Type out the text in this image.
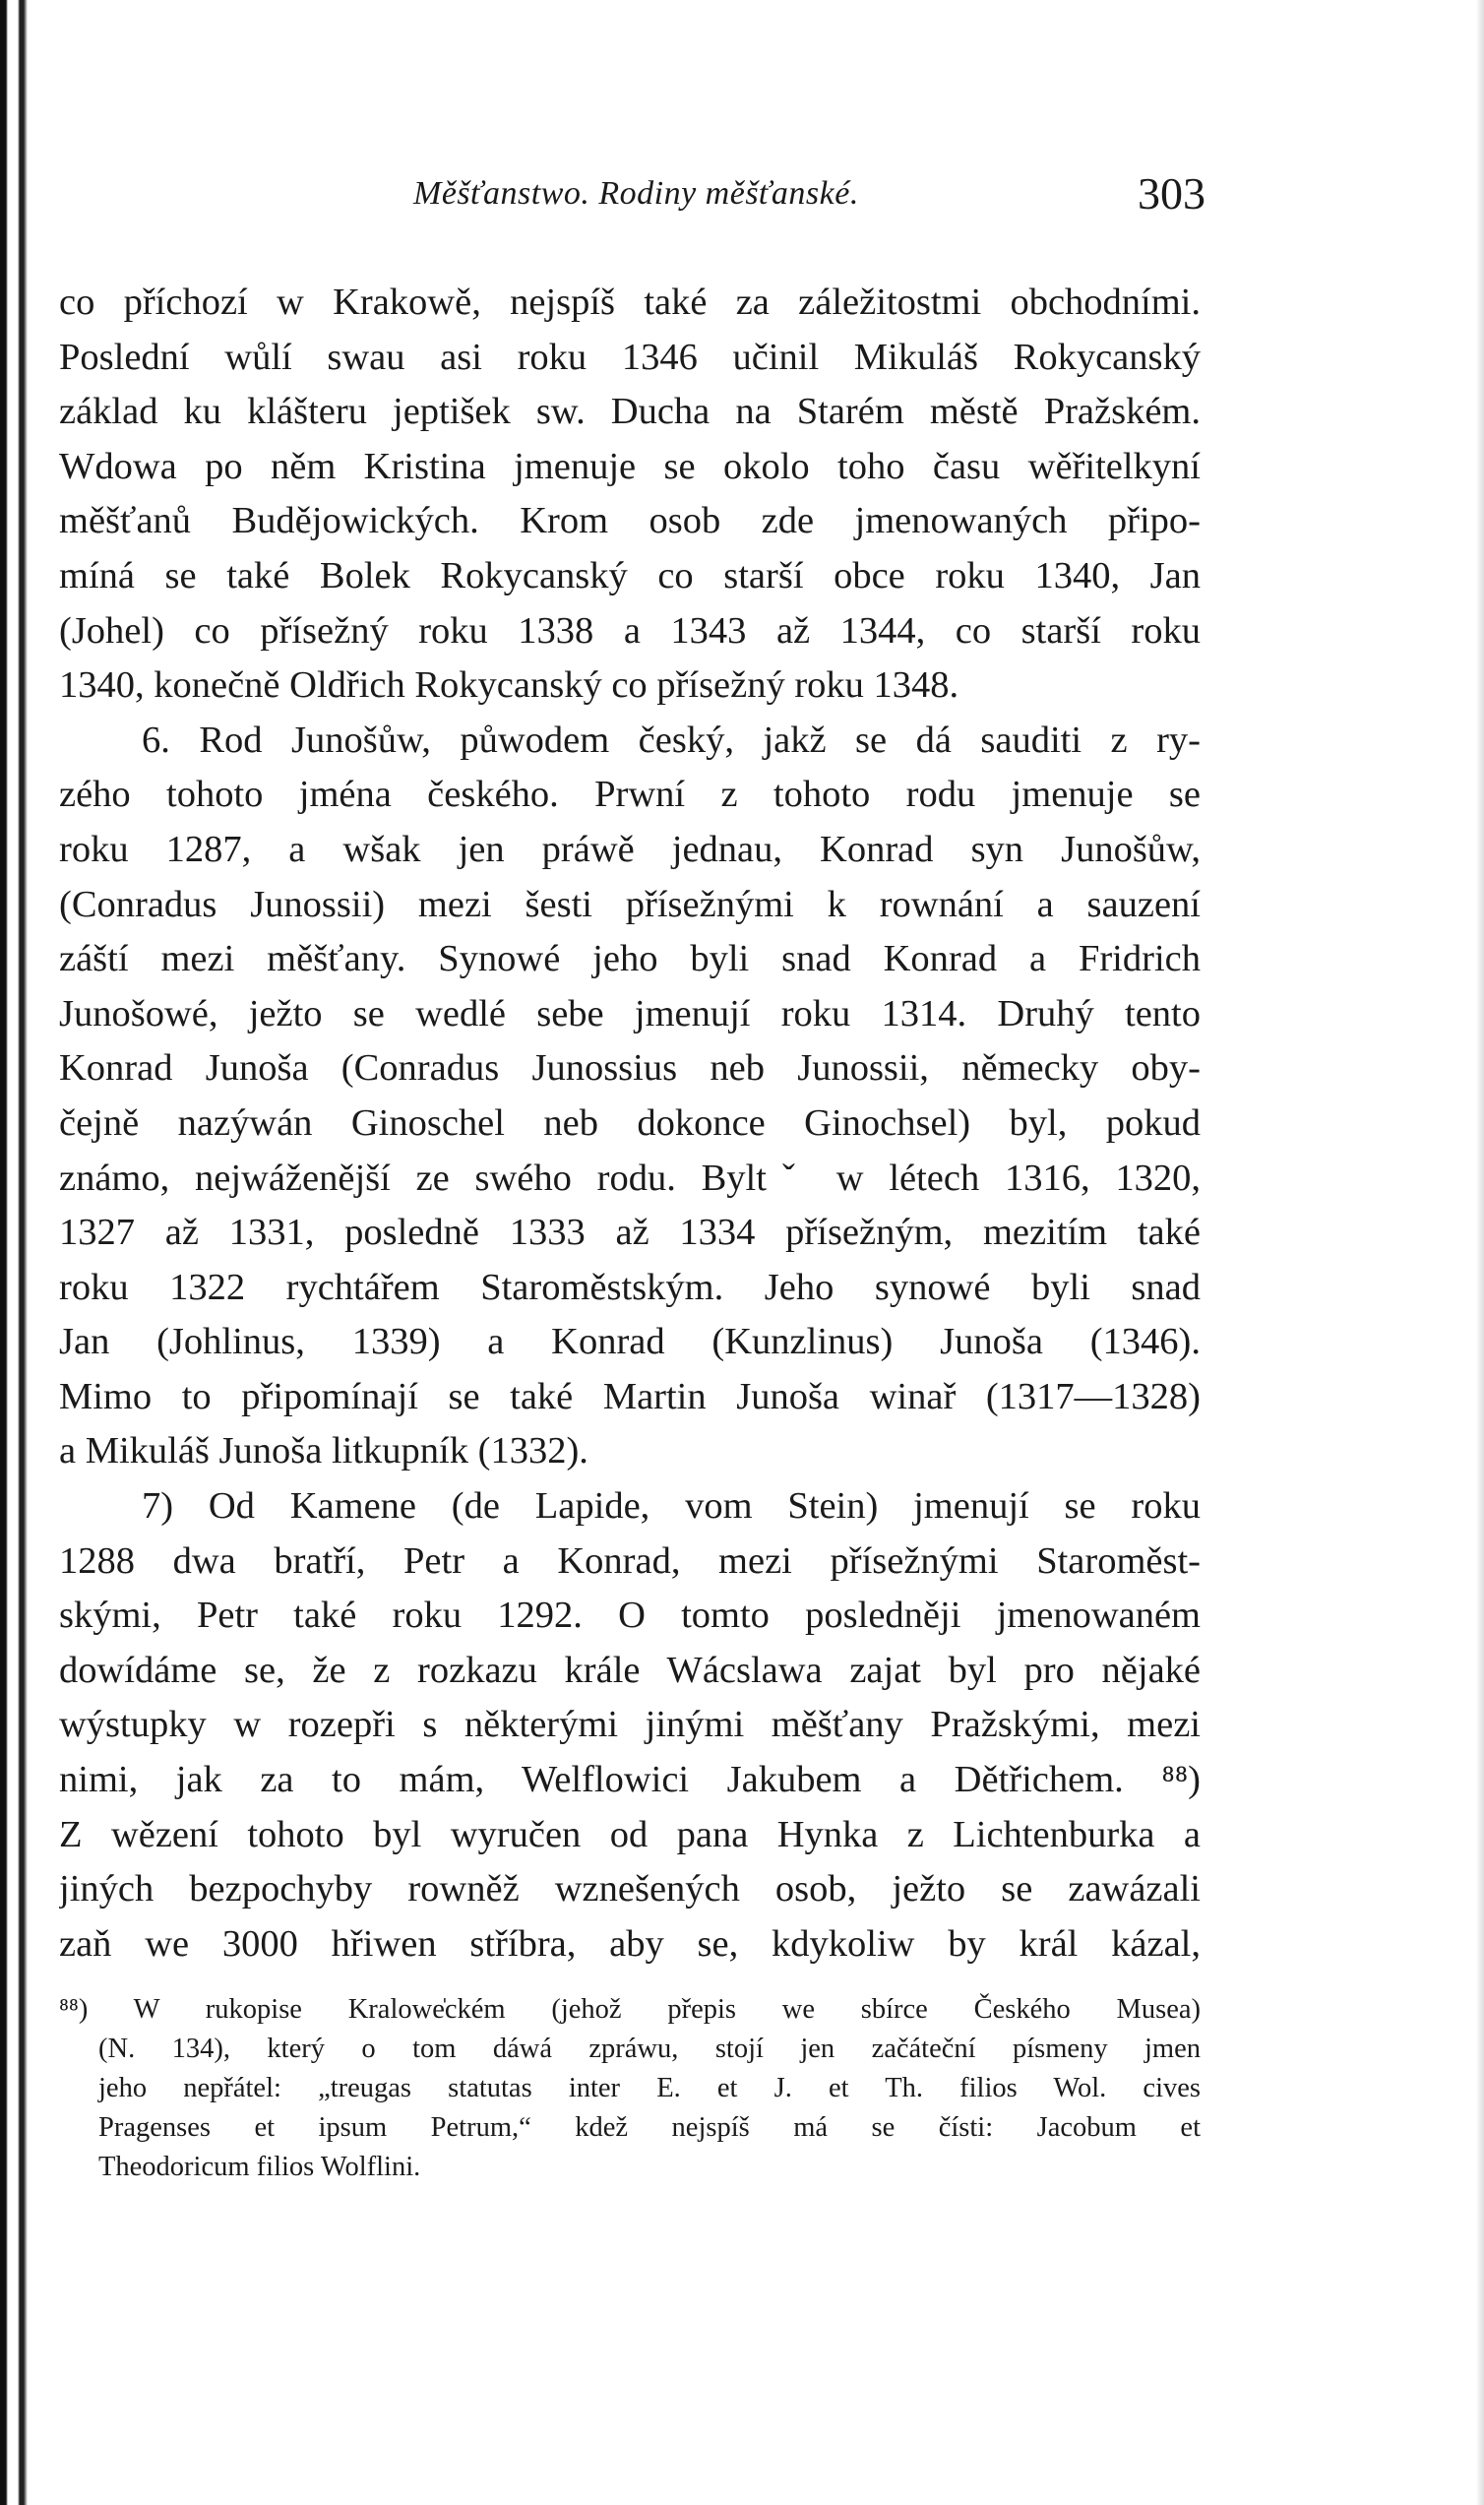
Měšťanstwo. Rodiny měšťanské.	303
co příchozí w Krakowě, nejspíš také za záležitostmi obchodními.
Poslední wůlí swau asi roku 1346 učinil Mikuláš Rokycanský
základ ku klášteru jeptišek sw. Ducha na Starém městě Pražském.
Wdowa po něm Kristina jmenuje se okolo toho času wěřitelkyní
měšťanů Budějowických. Krom osob zde jmenowaných připo-
míná se také Bolek Rokycanský co starší obce roku 1340, Jan
(Johel) co přísežný roku 1338 a 1343 až 1344, co starší roku
1340, konečně Oldřich Rokycanský co přísežný roku 1348.
6. Rod Junošůw, půwodem český, jakž se dá sauditi z ry-
zého tohoto jména českého. Prwní z tohoto rodu jmenuje se
roku 1287, a wšak jen práwě jednau, Konrad syn Junošůw,
(Conradus Junossii) mezi šesti přísežnými k rownání a sauzení
záští mezi měšťany. Synowé jeho byli snad Konrad a Fridrich
Junošowé, ježto se wedlé sebe jmenují roku 1314. Druhý tento
Konrad Junoša (Conradus Junossius neb Junossii, německy oby-
čejně nazýwán Ginoschel neb dokonce Ginochsel) byl, pokud
známo, nejwáženější ze swého rodu. Byltˇ w létech 1316, 1320,
1327 až 1331, posledně 1333 až 1334 přísežným, mezitím také
roku 1322 rychtářem Staroměstským. Jeho synowé byli snad
Jan (Johlinus, 1339) a Konrad (Kunzlinus) Junoša (1346).
Mimo to připomínají se také Martin Junoša winař (1317—1328)
a Mikuláš Junoša litkupník (1332).
7) Od Kamene (de Lapide, vom Stein) jmenují se roku
1288 dwa bratří, Petr a Konrad, mezi přísežnými Staroměst-
skými, Petr také roku 1292. O tomto posledněji jmenowaném
dowídáme se, že z rozkazu krále Wácslawa zajat byl pro nějaké
wýstupky w rozepři s některými jinými měšťany Pražskými, mezi
nimi, jak za to mám, Welflowici Jakubem a Dětřichem. ⁸⁸)
Z wězení tohoto byl wyručen od pana Hynka z Lichtenburka a
jiných bezpochyby rowněž wznešených osob, ježto se zawázali
zaň we 3000 hřiwen stříbra, aby se, kdykoliw by král kázal,
⁸⁸) W rukopise Kralowe̍ckém (jehož přepis we sbírce Českého Musea)
(N. 134), který o tom dáwá zpráwu, stojí jen začáteční písmeny jmen
jeho nepřátel: „treugas statutas inter E. et J. et Th. filios Wol. cives
Pragenses et ipsum Petrum,“ kdež nejspíš má se čísti: Jacobum et
Theodoricum filios Wolflini.
